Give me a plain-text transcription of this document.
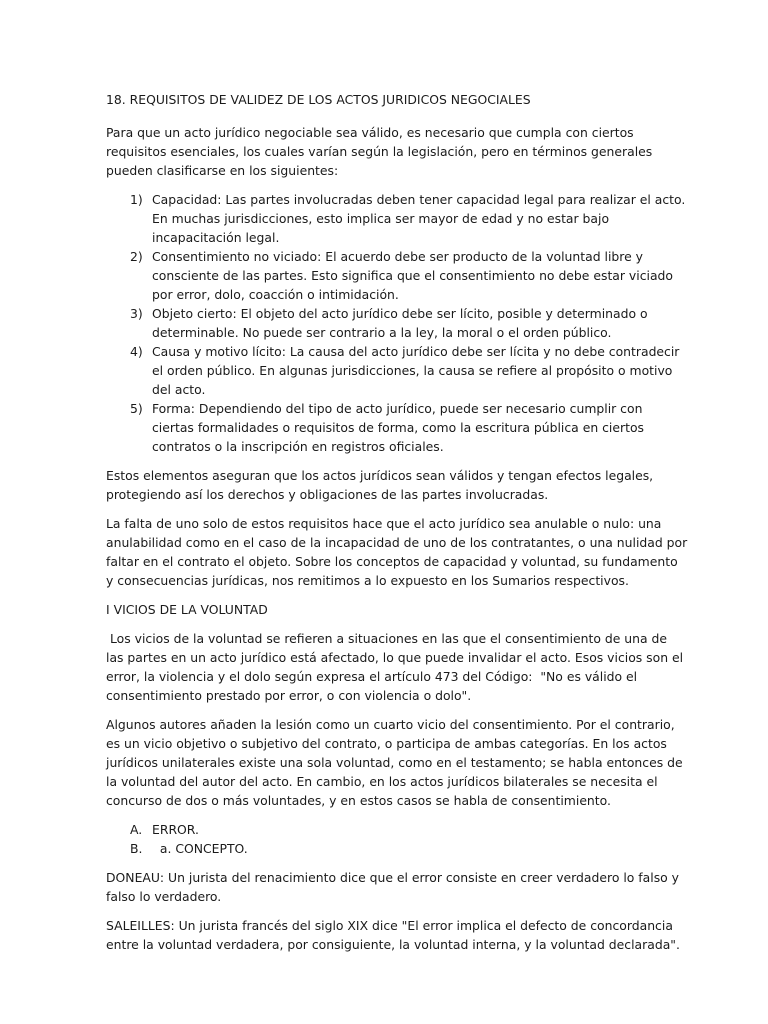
18. REQUISITOS DE VALIDEZ DE LOS ACTOS JURIDICOS NEGOCIALES

Para que un acto jurídico negociable sea válido, es necesario que cumpla con ciertos requisitos esenciales, los cuales varían según la legislación, pero en términos generales pueden clasificarse en los siguientes:

1) Capacidad: Las partes involucradas deben tener capacidad legal para realizar el acto. En muchas jurisdicciones, esto implica ser mayor de edad y no estar bajo incapacitación legal.
2) Consentimiento no viciado: El acuerdo debe ser producto de la voluntad libre y consciente de las partes. Esto significa que el consentimiento no debe estar viciado por error, dolo, coacción o intimidación.
3) Objeto cierto: El objeto del acto jurídico debe ser lícito, posible y determinado o determinable. No puede ser contrario a la ley, la moral o el orden público.
4) Causa y motivo lícito: La causa del acto jurídico debe ser lícita y no debe contradecir el orden público. En algunas jurisdicciones, la causa se refiere al propósito o motivo del acto.
5) Forma: Dependiendo del tipo de acto jurídico, puede ser necesario cumplir con ciertas formalidades o requisitos de forma, como la escritura pública en ciertos contratos o la inscripción en registros oficiales.

Estos elementos aseguran que los actos jurídicos sean válidos y tengan efectos legales, protegiendo así los derechos y obligaciones de las partes involucradas.

La falta de uno solo de estos requisitos hace que el acto jurídico sea anulable o nulo: una anulabilidad como en el caso de la incapacidad de uno de los contratantes, o una nulidad por faltar en el contrato el objeto. Sobre los conceptos de capacidad y voluntad, su fundamento y consecuencias jurídicas, nos remitimos a lo expuesto en los Sumarios respectivos.

I VICIOS DE LA VOLUNTAD

Los vicios de la voluntad se refieren a situaciones en las que el consentimiento de una de las partes en un acto jurídico está afectado, lo que puede invalidar el acto. Esos vicios son el error, la violencia y el dolo según expresa el artículo 473 del Código:  "No es válido el consentimiento prestado por error, o con violencia o dolo".

Algunos autores añaden la lesión como un cuarto vicio del consentimiento. Por el contrario, es un vicio objetivo o subjetivo del contrato, o participa de ambas categorías. En los actos jurídicos unilaterales existe una sola voluntad, como en el testamento; se habla entonces de la voluntad del autor del acto. En cambio, en los actos jurídicos bilaterales se necesita el concurso de dos o más voluntades, y en estos casos se habla de consentimiento.

A. ERROR.
B. a. CONCEPTO.

DONEAU: Un jurista del renacimiento dice que el error consiste en creer verdadero lo falso y falso lo verdadero.

SALEILLES: Un jurista francés del siglo XIX dice "El error implica el defecto de concordancia entre la voluntad verdadera, por consiguiente, la voluntad interna, y la voluntad declarada".
